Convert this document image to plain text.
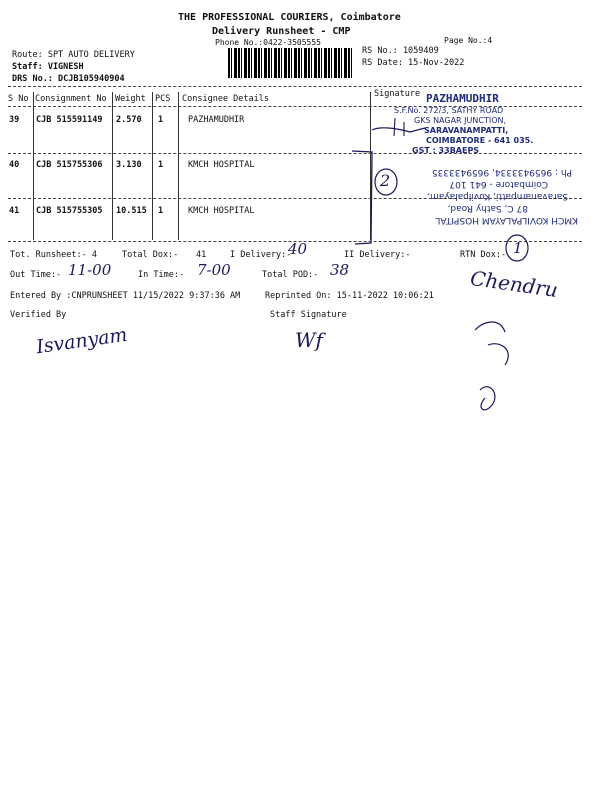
THE PROFESSIONAL COURIERS, Coimbatore
Delivery Runsheet - CMP
Phone No.:0422-3505555	Page No.:4
Route: SPT AUTO DELIVERY
Staff: VIGNESH
DRS No.: DCJB105940904
RS No.: 1059409
RS Date: 15-Nov-2022
S No Consignment No Weight PCS Consignee Details	Signature
39 CJB 515591149 2.570 1	PAZHAMUDHIR
40 CJB 515755306 3.130 1	KMCH HOSPITAL
41 CJB 515755305 10.515 1	KMCH HOSPITAL
PAZHAMUDHIR
S.F.No. 272/3, SATHY ROAD
GKS NAGAR JUNCTION,
SARAVANAMPATTI,
COIMBATORE - 641 035.
GST : 33BAEPS
KMCH KOVILPALAYAM HOSPITAL
87 C, Sathy Road,
Saravanampatti, Kovilpalayam,
Coimbatore - 641 107
Ph : 9659433334, 9659433335
2
Tot. Runsheet:- 4	Total Dox:- 41	I Delivery:-
40	II Delivery:-	RTN Dox:- 1
Out Time:- 11-00	In Time:- 7-00	Total POD:- 38	Chendru
Entered By :CNPRUNSHEET 11/15/2022 9:37:36 AM	Reprinted On: 15-11-2022 10:06:21
Verified By	Staff Signature
Isvanyam	Wf
